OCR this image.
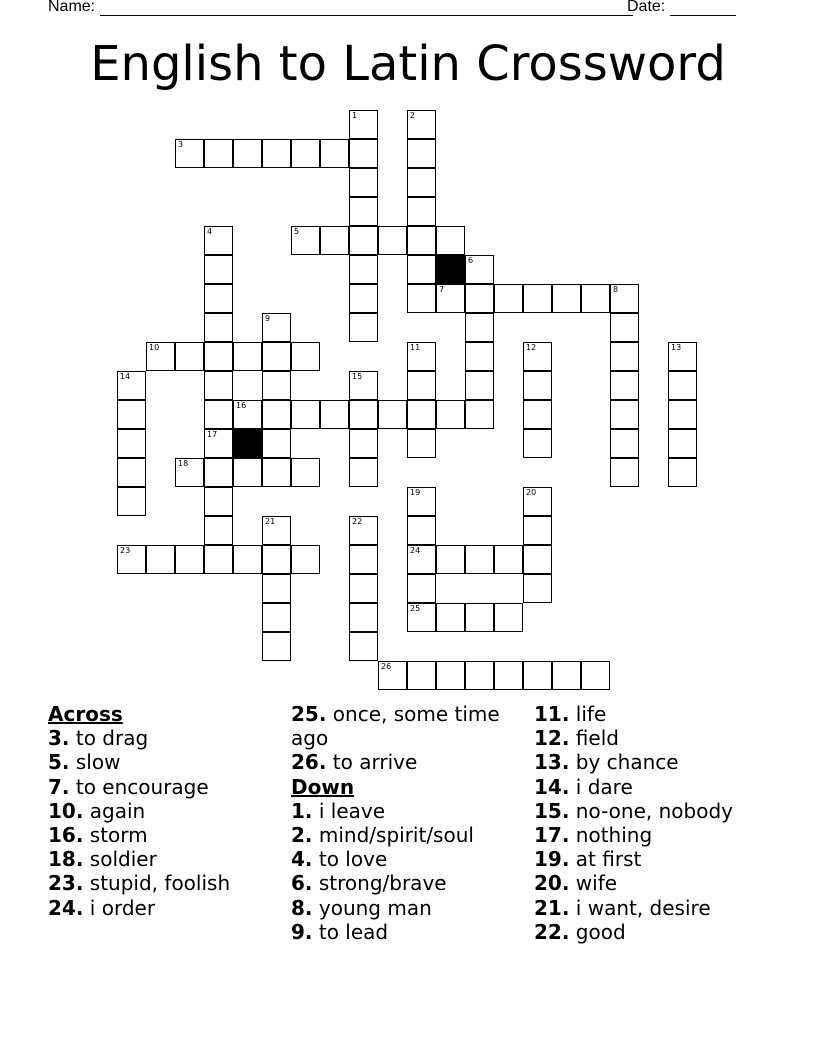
Name:	Date:
English to Latin Crossword
3
5
7	8
10
16
18
23	24
25
26
1	2
4
17
6
9
11	12	13
14	15
19	20
21	22
Across
3. to drag
5. slow
7. to encourage
10. again
16. storm
18. soldier
23. stupid, foolish
24. i order
25. once, some time ago
26. to arrive
Down
1. i leave
2. mind/spirit/soul
4. to love
6. strong/brave
8. young man
9. to lead
11. life
12. field
13. by chance
14. i dare
15. no-one, nobody
17. nothing
19. at first
20. wife
21. i want, desire
22. good
